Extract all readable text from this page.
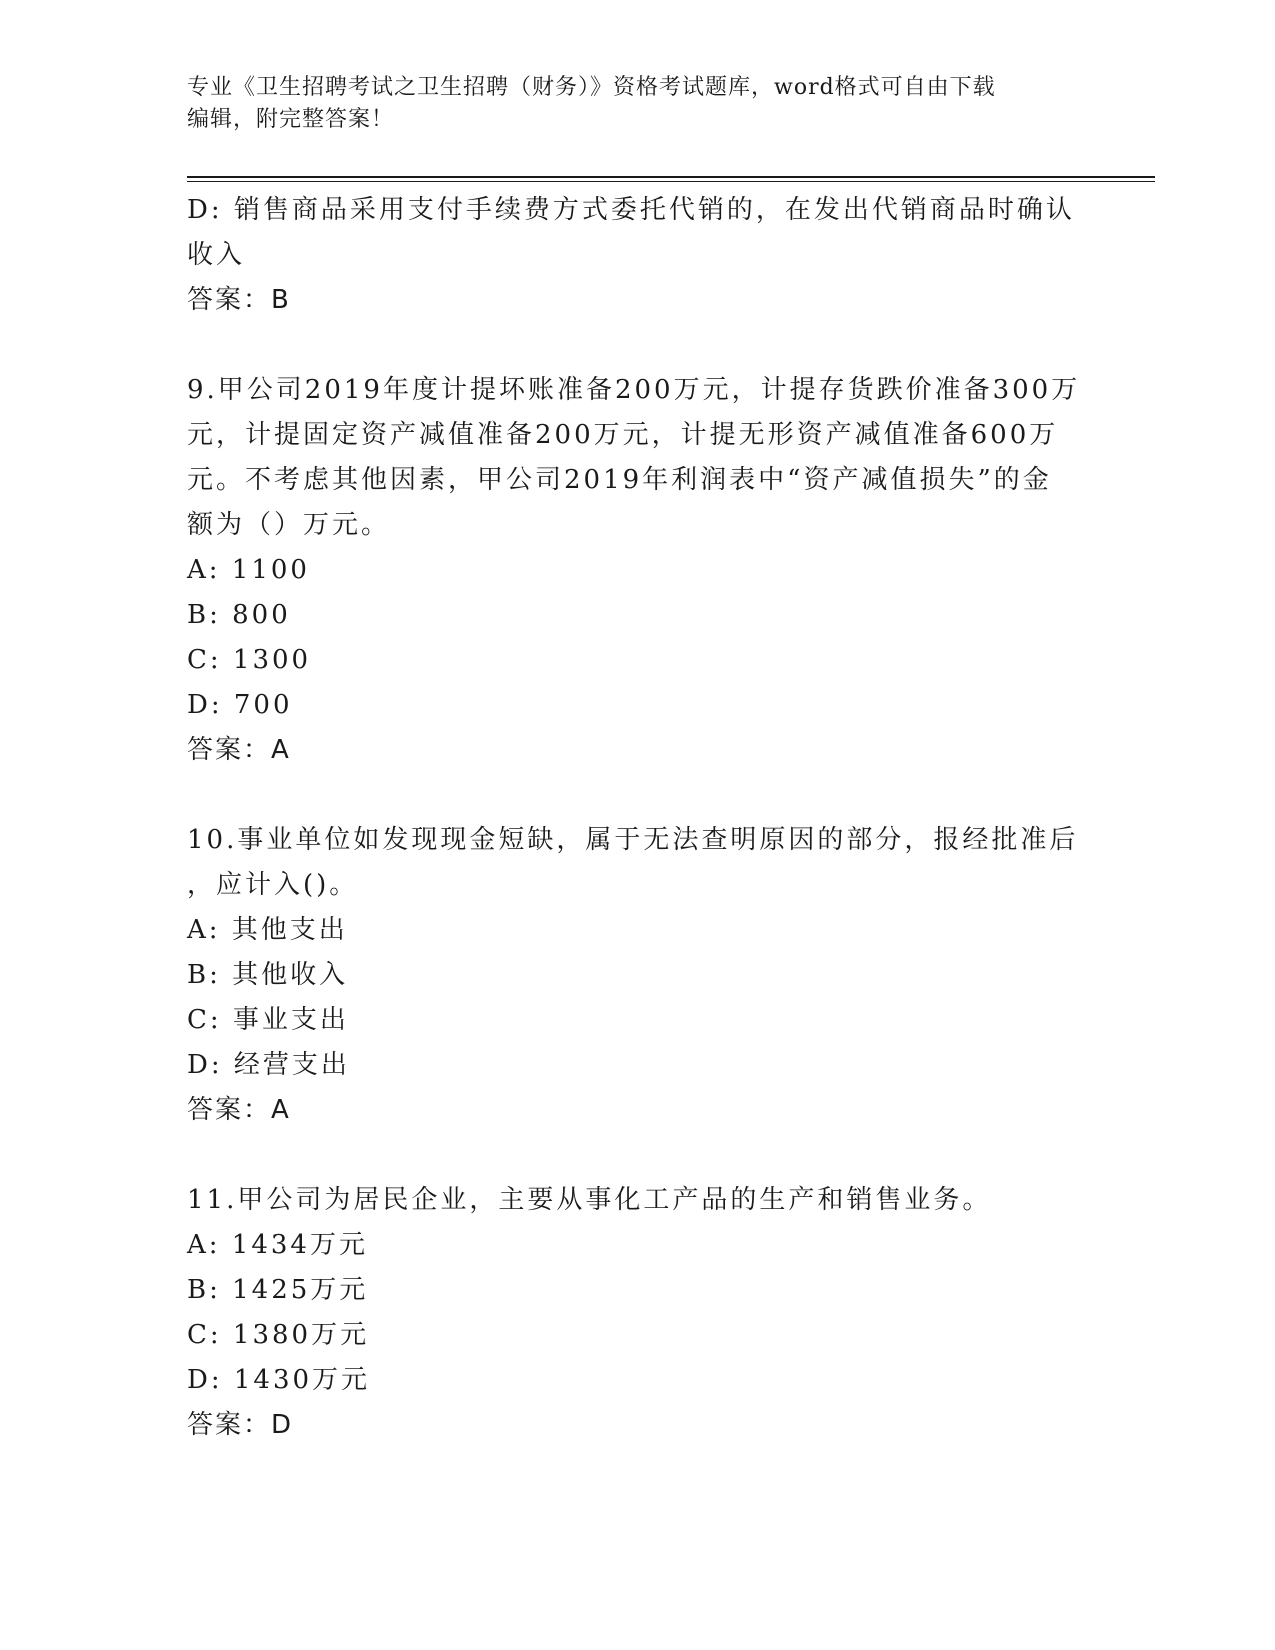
专业《卫生招聘考试之卫生招聘（财务）》资格考试题库，word格式可自由下载
编辑，附完整答案！
D: 销售商品采用支付手续费方式委托代销的，在发出代销商品时确认
收入
答案：B
9.甲公司2019年度计提坏账准备200万元，计提存货跌价准备300万
元，计提固定资产减值准备200万元，计提无形资产减值准备600万
元。不考虑其他因素，甲公司2019年利润表中“资产减值损失”的金
额为（）万元。
A: 1100
B: 800
C: 1300
D: 700
答案：A
10.事业单位如发现现金短缺，属于无法查明原因的部分，报经批准后
，应计入()。
A: 其他支出
B: 其他收入
C: 事业支出
D: 经营支出
答案：A
11.甲公司为居民企业，主要从事化工产品的生产和销售业务。
A: 1434万元
B: 1425万元
C: 1380万元
D: 1430万元
答案：D
